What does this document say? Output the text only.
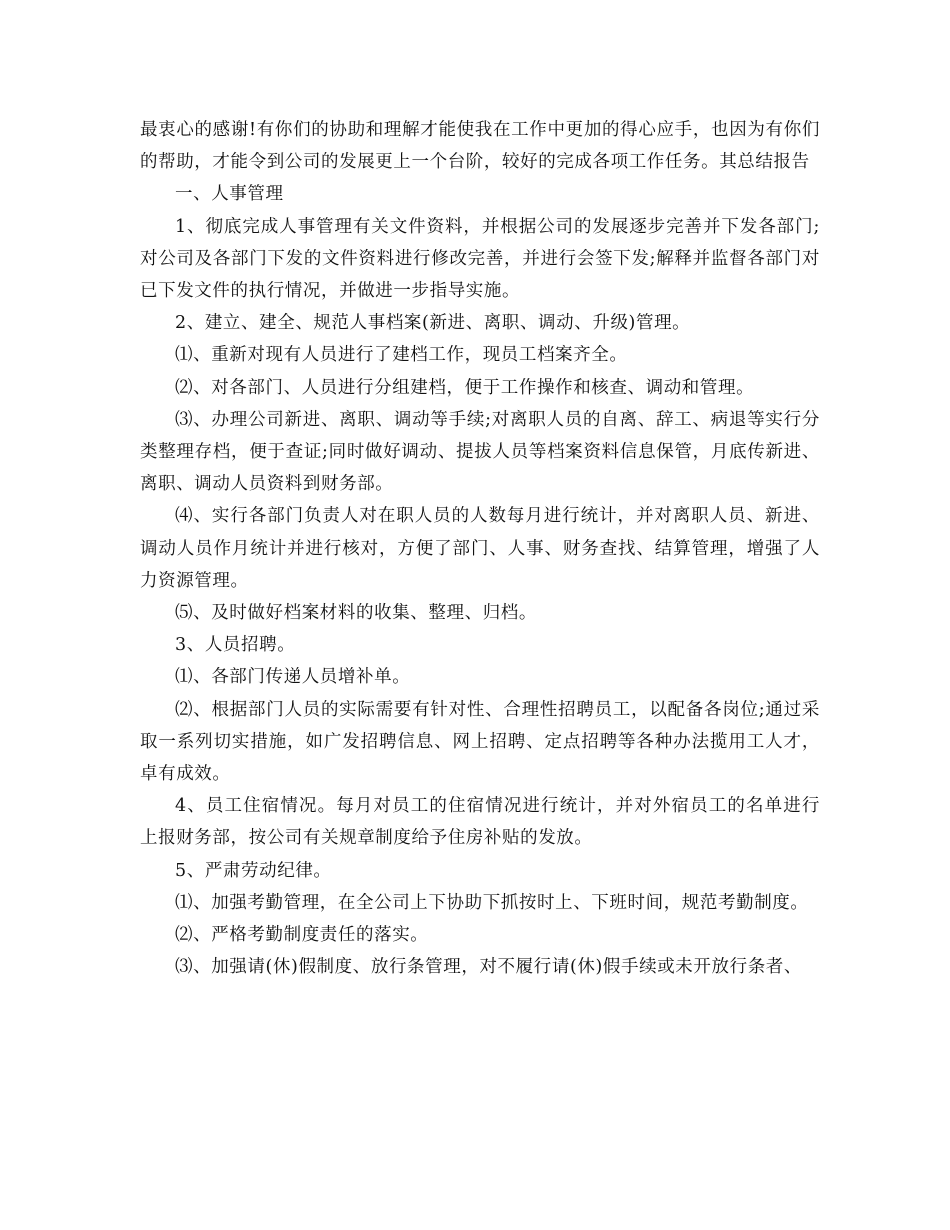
最衷心的感谢!有你们的协助和理解才能使我在工作中更加的得心应手，也因为有你们的帮助，才能令到公司的发展更上一个台阶，较好的完成各项工作任务。其总结报告

一、人事管理

1、彻底完成人事管理有关文件资料，并根据公司的发展逐步完善并下发各部门;对公司及各部门下发的文件资料进行修改完善，并进行会签下发;解释并监督各部门对已下发文件的执行情况，并做进一步指导实施。

2、建立、建全、规范人事档案(新进、离职、调动、升级)管理。

⑴、重新对现有人员进行了建档工作，现员工档案齐全。

⑵、对各部门、人员进行分组建档，便于工作操作和核查、调动和管理。

⑶、办理公司新进、离职、调动等手续;对离职人员的自离、辞工、病退等实行分类整理存档，便于查证;同时做好调动、提拔人员等档案资料信息保管，月底传新进、离职、调动人员资料到财务部。

⑷、实行各部门负责人对在职人员的人数每月进行统计，并对离职人员、新进、调动人员作月统计并进行核对，方便了部门、人事、财务查找、结算管理，增强了人力资源管理。

⑸、及时做好档案材料的收集、整理、归档。

3、人员招聘。

⑴、各部门传递人员增补单。

⑵、根据部门人员的实际需要有针对性、合理性招聘员工，以配备各岗位;通过采取一系列切实措施，如广发招聘信息、网上招聘、定点招聘等各种办法揽用工人才，卓有成效。

4、员工住宿情况。每月对员工的住宿情况进行统计，并对外宿员工的名单进行上报财务部，按公司有关规章制度给予住房补贴的发放。

5、严肃劳动纪律。

⑴、加强考勤管理，在全公司上下协助下抓按时上、下班时间，规范考勤制度。

⑵、严格考勤制度责任的落实。

⑶、加强请(休)假制度、放行条管理，对不履行请(休)假手续或未开放行条者、
